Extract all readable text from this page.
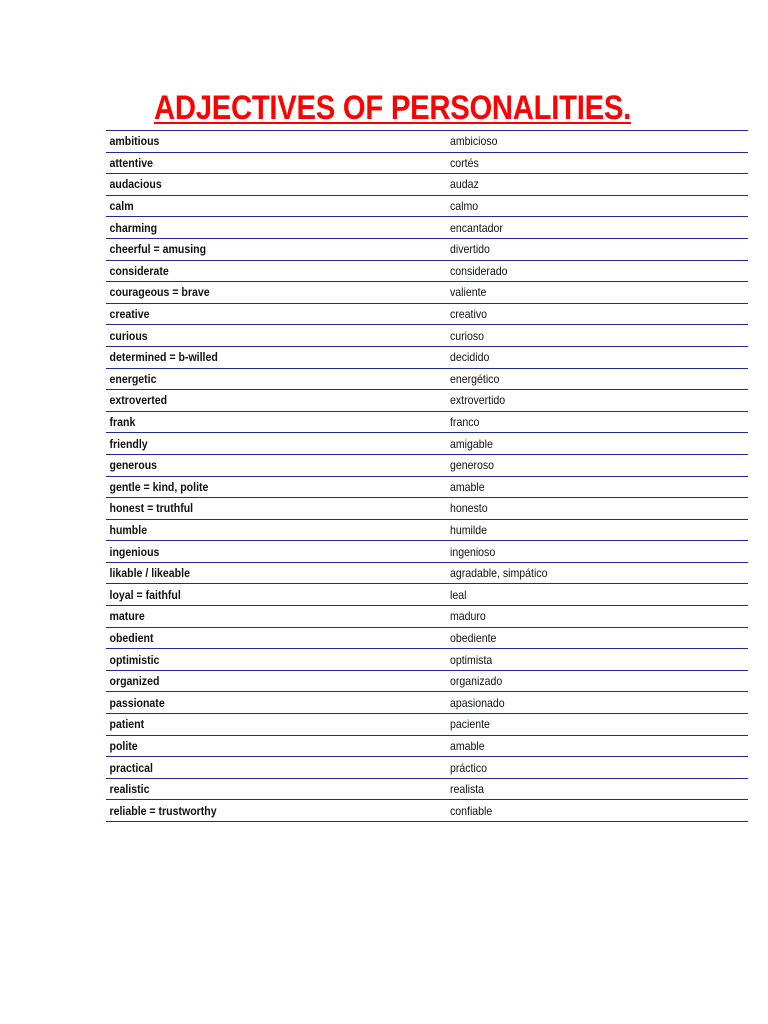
ADJECTIVES OF PERSONALITIES.
ambitious	ambicioso
attentive	cortés
audacious	audaz
calm	calmo
charming	encantador
cheerful = amusing	divertido
considerate	considerado
courageous = brave	valiente
creative	creativo
curious	curioso
determined = b-willed	decidido
energetic	energético
extroverted	extrovertido
frank	franco
friendly	amigable
generous	generoso
gentle = kind, polite	amable
honest = truthful	honesto
humble	humilde
ingenious	ingenioso
likable / likeable	agradable, simpático
loyal = faithful	leal
mature	maduro
obedient	obediente
optimistic	optimista
organized	organizado
passionate	apasionado
patient	paciente
polite	amable
practical	práctico
realistic	realista
reliable = trustworthy	confiable
